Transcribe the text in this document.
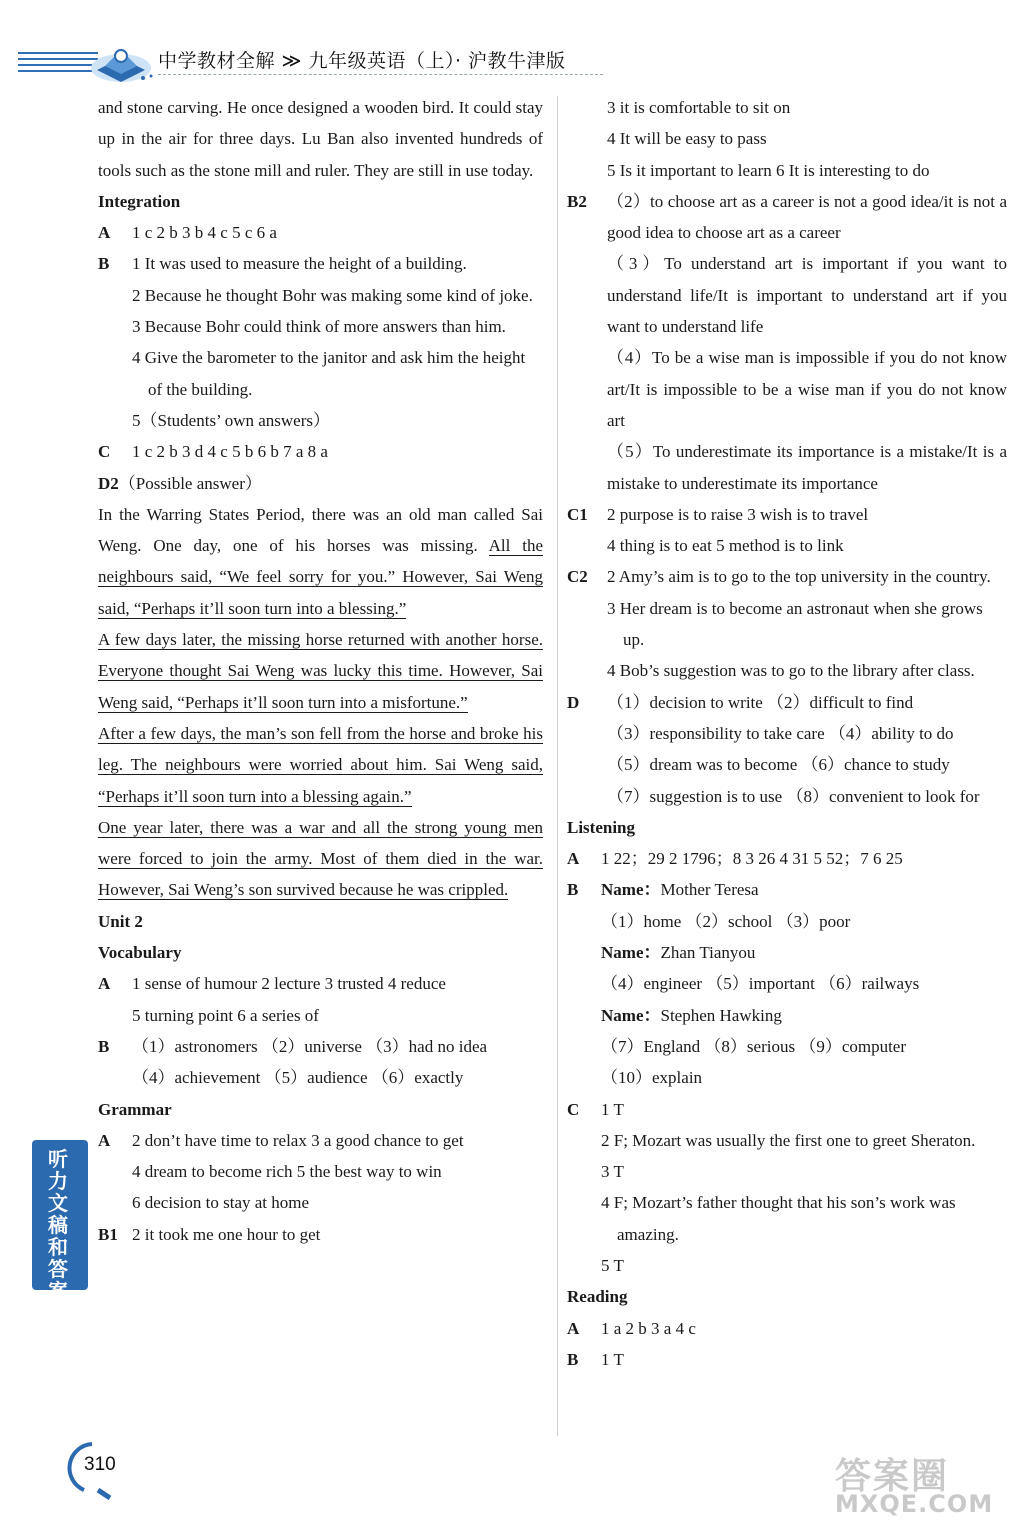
中学教材全解 ≫ 九年级英语（上）· 沪教牛津版
and stone carving. He once designed a wooden bird. It could stay up in the air for three days. Lu Ban also invented hundreds of tools such as the stone mill and ruler. They are still in use today.
Integration
A	1 c 2 b 3 b 4 c 5 c 6 a
B	1 It was used to measure the height of a building.
2 Because he thought Bohr was making some kind of joke.
3 Because Bohr could think of more answers than him.
4 Give the barometer to the janitor and ask him the height of the building.
5（Students’ own answers）
C	1 c 2 b 3 d 4 c 5 b 6 b 7 a 8 a
D2（Possible answer）
In the Warring States Period, there was an old man called Sai Weng. One day, one of his horses was missing. All the neighbours said, “We feel sorry for you.” However, Sai Weng said, “Perhaps it’ll soon turn into a blessing.”
A few days later, the missing horse returned with another horse. Everyone thought Sai Weng was lucky this time. However, Sai Weng said, “Perhaps it’ll soon turn into a misfortune.”
After a few days, the man’s son fell from the horse and broke his leg. The neighbours were worried about him. Sai Weng said, “Perhaps it’ll soon turn into a blessing again.”
One year later, there was a war and all the strong young men were forced to join the army. Most of them died in the war. However, Sai Weng’s son survived because he was crippled.
Unit 2
Vocabulary
A	1 sense of humour 2 lecture 3 trusted 4 reduce
5 turning point 6 a series of
B	（1）astronomers （2）universe （3）had no idea
（4）achievement （5）audience （6）exactly
Grammar
A	2 don’t have time to relax 3 a good chance to get
4 dream to become rich 5 the best way to win
6 decision to stay at home
B1 2 it took me one hour to get
3 it is comfortable to sit on
4 It will be easy to pass
5 Is it important to learn 6 It is interesting to do
B2	（2）to choose art as a career is not a good idea/it is not a good idea to choose art as a career
（3）To understand art is important if you want to understand life/It is important to understand art if you want to understand life
（4）To be a wise man is impossible if you do not know art/It is impossible to be a wise man if you do not know art
（5）To underestimate its importance is a mistake/It is a mistake to underestimate its importance
C1	2 purpose is to raise 3 wish is to travel
4 thing is to eat 5 method is to link
C2	2 Amy’s aim is to go to the top university in the country.
3 Her dream is to become an astronaut when she grows up.
4 Bob’s suggestion was to go to the library after class.
D	（1）decision to write （2）difficult to find
（3）responsibility to take care （4）ability to do
（5）dream was to become （6）chance to study
（7）suggestion is to use （8）convenient to look for
Listening
A	1 22；29 2 1796；8 3 26 4 31 5 52；7 6 25
B	Name：Mother Teresa
（1）home （2）school （3）poor
Name：Zhan Tianyou
（4）engineer （5）important （6）railways
Name：Stephen Hawking
（7）England （8）serious （9）computer
（10）explain
C	1 T
2 F; Mozart was usually the first one to greet Sheraton.
3 T
4 F; Mozart’s father thought that his son’s work was amazing.
5 T
Reading
A	1 a 2 b 3 a 4 c
B	1 T
听力文稿和答案
310	答案圈
MXQE.COM
